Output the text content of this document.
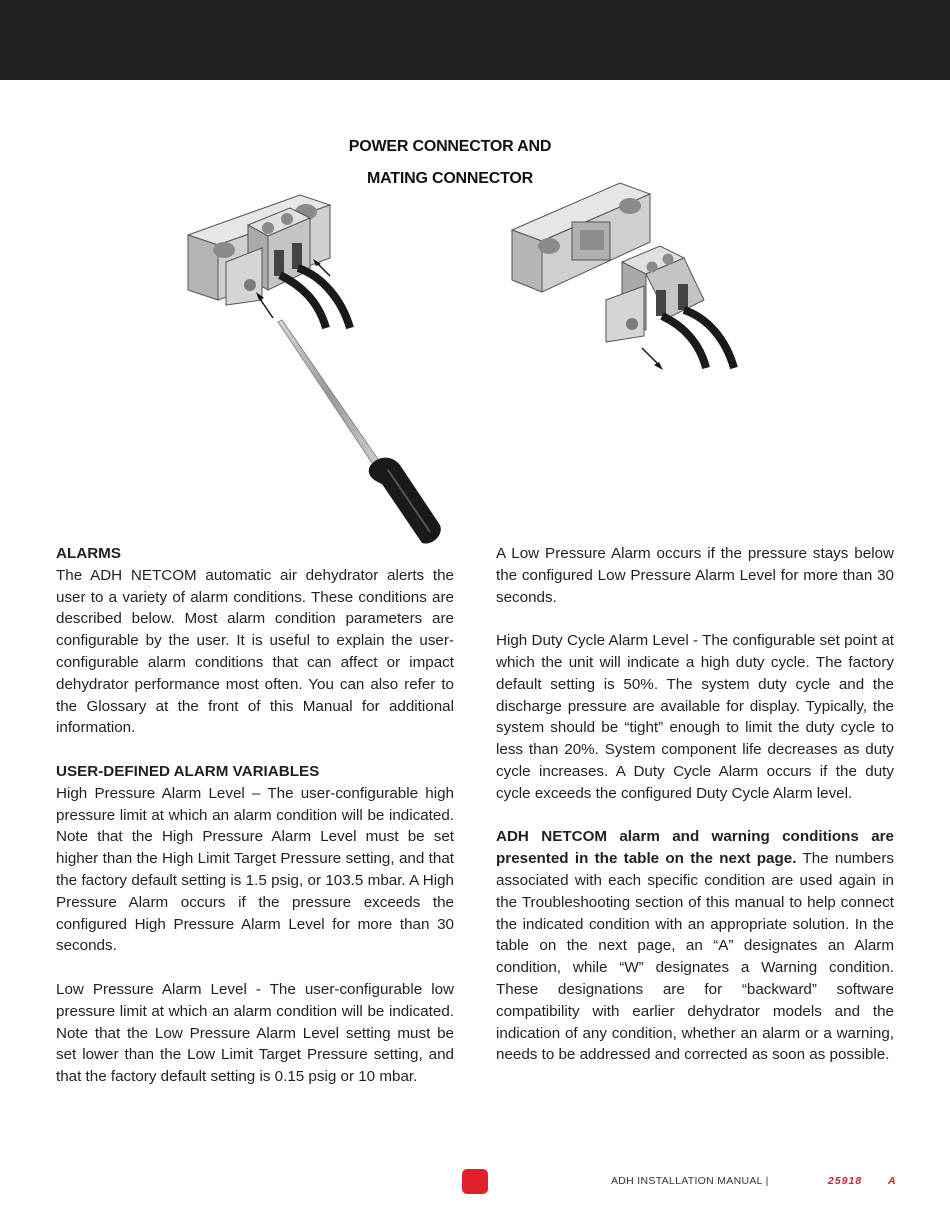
POWER CONNECTOR AND
MATING CONNECTOR
ALARMS

The ADH NETCOM automatic air dehydrator alerts the user to a variety of alarm conditions. These conditions are described below. Most alarm condition parameters are configurable by the user. It is useful to explain the user-configurable alarm conditions that can affect or impact dehydrator performance most often. You can also refer to the Glossary at the front of this Manual for additional information.

USER-DEFINED ALARM VARIABLES

High Pressure Alarm Level – The user-configurable high pressure limit at which an alarm condition will be indicated. Note that the High Pressure Alarm Level must be set higher than the High Limit Target Pressure setting, and that the factory default setting is 1.5 psig, or 103.5 mbar. A High Pressure Alarm occurs if the pressure exceeds the configured High Pressure Alarm Level for more than 30 seconds.

Low Pressure Alarm Level - The user-configurable low pressure limit at which an alarm condition will be indicated. Note that the Low Pressure Alarm Level setting must be set lower than the Low Limit Target Pressure setting, and that the factory default setting is 0.15 psig or 10 mbar.

A Low Pressure Alarm occurs if the pressure stays below the configured Low Pressure Alarm Level for more than 30 seconds.

High Duty Cycle Alarm Level - The configurable set point at which the unit will indicate a high duty cycle. The factory default setting is 50%. The system duty cycle and the discharge pressure are available for display. Typically, the system should be “tight” enough to limit the duty cycle to less than 20%. System component life decreases as duty cycle increases. A Duty Cycle Alarm occurs if the duty cycle exceeds the configured Duty Cycle Alarm level.

ADH NETCOM alarm and warning conditions are presented in the table on the next page. The numbers associated with each specific condition are used again in the Troubleshooting section of this manual to help connect the indicated condition with an appropriate solution. In the table on the next page, an “A” designates an Alarm condition, while “W” designates a Warning condition. These designations are for “backward” software compatibility with earlier dehydrator models and the indication of any condition, whether an alarm or a warning, needs to be addressed and corrected as soon as possible.

ADH INSTALLATION MANUAL |	25918 A
